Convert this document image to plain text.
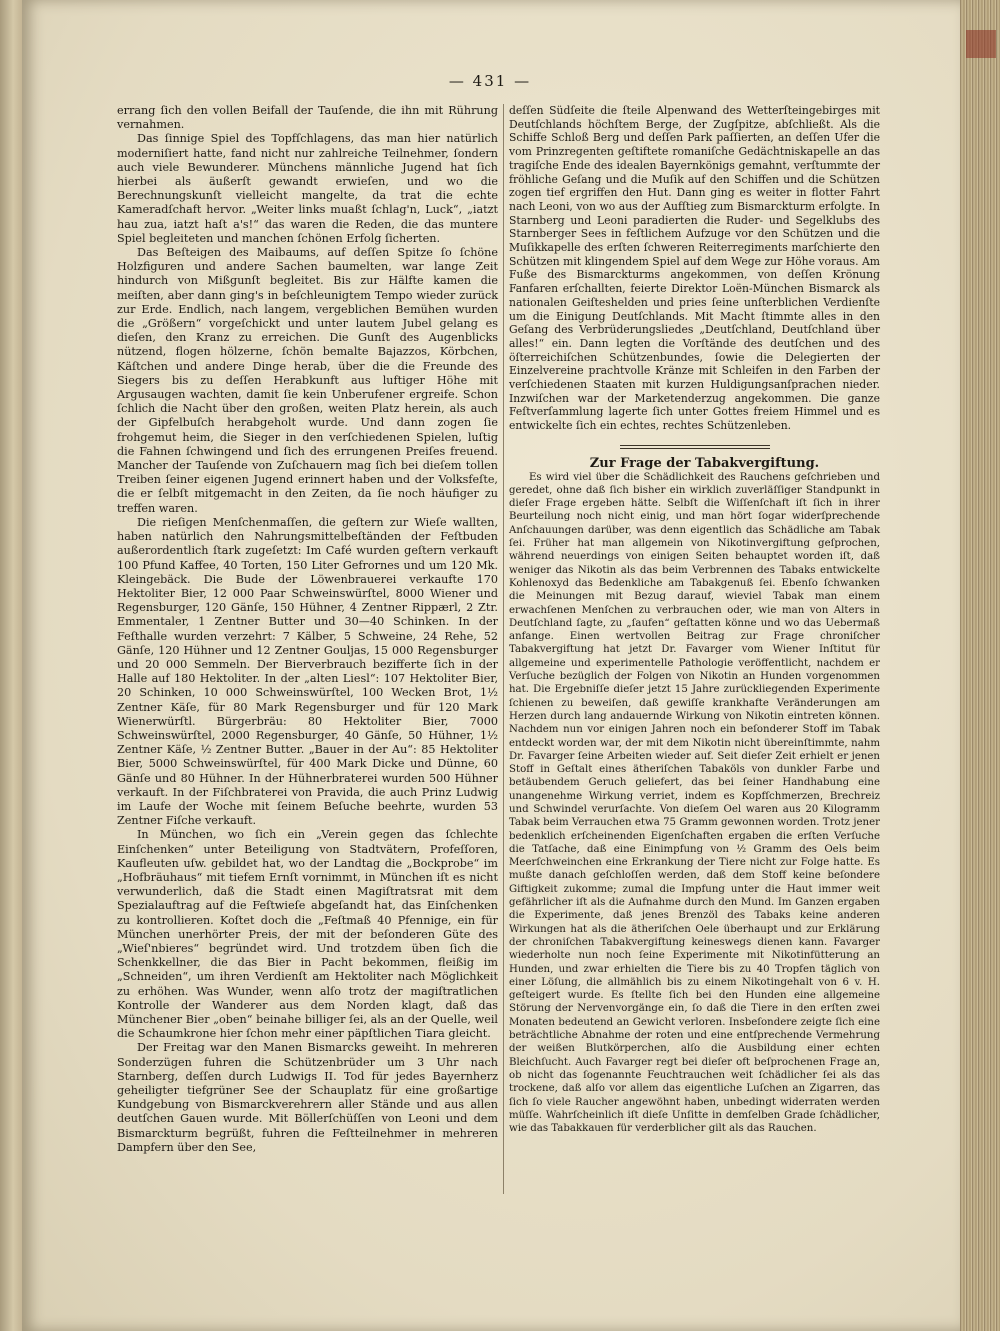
— 431 —

errang ſich den vollen Beifall der Tauſende, die ihn mit Rührung vernahmen.

Das ſinnige Spiel des Topfſchlagens, das man hier natürlich moderniſiert hatte, fand nicht nur zahlreiche Teilnehmer, ſondern auch viele Bewunderer. Münchens männliche Jugend hat ſich hierbei als äußerſt gewandt erwieſen, und wo die Berechnungskunſt vielleicht mangelte, da trat die echte Kameradſchaft hervor. „Weiter links muaßt ſchlag'n, Luck“, „iatzt hau zua, iatzt haſt a's!“ das waren die Reden, die das muntere Spiel begleiteten und manchen ſchönen Erfolg ſicherten.

Das Beſteigen des Maibaums, auf deſſen Spitze ſo ſchöne Holzfiguren und andere Sachen baumelten, war lange Zeit hindurch von Mißgunſt begleitet. Bis zur Hälfte kamen die meiſten, aber dann ging's in beſchleunigtem Tempo wieder zurück zur Erde. Endlich, nach langem, vergeblichen Bemühen wurden die „Größern“ vorgeſchickt und unter lautem Jubel gelang es dieſen, den Kranz zu erreichen. Die Gunſt des Augenblicks nützend, flogen hölzerne, ſchön bemalte Bajazzos, Körbchen, Käſtchen und andere Dinge herab, über die die Freunde des Siegers bis zu deſſen Herabkunft aus luftiger Höhe mit Argusaugen wachten, damit ſie kein Unberufener ergreife. Schon ſchlich die Nacht über den großen, weiten Platz herein, als auch der Gipfelbuſch herabgeholt wurde. Und dann zogen ſie frohgemut heim, die Sieger in den verſchiedenen Spielen, luſtig die Fahnen ſchwingend und ſich des errungenen Preiſes freuend. Mancher der Tauſende von Zuſchauern mag ſich bei dieſem tollen Treiben ſeiner eigenen Jugend erinnert haben und der Volksfeſte, die er ſelbſt mitgemacht in den Zeiten, da ſie noch häufiger zu treffen waren.

Die rieſigen Menſchenmaſſen, die geſtern zur Wieſe wallten, haben natürlich den Nahrungsmittelbeſtänden der Feſtbuden außerordentlich ſtark zugeſetzt: Im Café wurden geſtern verkauft 100 Pfund Kaffee, 40 Torten, 150 Liter Gefrornes und um 120 Mk. Kleingebäck. Die Bude der Löwenbrauerei verkaufte 170 Hektoliter Bier, 12 000 Paar Schweinswürſtel, 8000 Wiener und Regensburger, 120 Gänſe, 150 Hühner, 4 Zentner Rippærl, 2 Ztr. Emmentaler, 1 Zentner Butter und 30—40 Schinken. In der Feſthalle wurden verzehrt: 7 Kälber, 5 Schweine, 24 Rehe, 52 Gänſe, 120 Hühner und 12 Zentner Gouljas, 15 000 Regensburger und 20 000 Semmeln. Der Bierverbrauch bezifferte ſich in der Halle auf 180 Hektoliter. In der „alten Liesl“: 107 Hektoliter Bier, 20 Schinken, 10 000 Schweinswürſtel, 100 Wecken Brot, 1½ Zentner Käſe, für 80 Mark Regensburger und für 120 Mark Wienerwürſtl. Bürgerbräu: 80 Hektoliter Bier, 7000 Schweinswürſtel, 2000 Regensburger, 40 Gänſe, 50 Hühner, 1½ Zentner Käſe, ½ Zentner Butter. „Bauer in der Au“: 85 Hektoliter Bier, 5000 Schweinswürſtel, für 400 Mark Dicke und Dünne, 60 Gänſe und 80 Hühner. In der Hühnerbraterei wurden 500 Hühner verkauft. In der Fiſchbraterei von Pravida, die auch Prinz Ludwig im Laufe der Woche mit ſeinem Beſuche beehrte, wurden 53 Zentner Fiſche verkauft.

In München, wo ſich ein „Verein gegen das ſchlechte Einſchenken“ unter Beteiligung von Stadtvätern, Profeſſoren, Kaufleuten uſw. gebildet hat, wo der Landtag die „Bockprobe“ im „Hofbräuhaus“ mit tiefem Ernſt vornimmt, in München iſt es nicht verwunderlich, daß die Stadt einen Magiſtratsrat mit dem Spezialauftrag auf die Feſtwieſe abgeſandt hat, das Einſchenken zu kontrollieren. Koſtet doch die „Feſtmaß 40 Pfennige, ein für München unerhörter Preis, der mit der beſonderen Güte des „Wieſ'nbieres“ begründet wird. Und trotzdem üben ſich die Schenkkellner, die das Bier in Pacht bekommen, fleißig im „Schneiden“, um ihren Verdienſt am Hektoliter nach Möglichkeit zu erhöhen. Was Wunder, wenn alſo trotz der magiſtratlichen Kontrolle der Wanderer aus dem Norden klagt, daß das Münchener Bier „oben“ beinahe billiger ſei, als an der Quelle, weil die Schaumkrone hier ſchon mehr einer päpſtlichen Tiara gleicht.

Der Freitag war den Manen Bismarcks geweiht. In mehreren Sonderzügen fuhren die Schützenbrüder um 3 Uhr nach Starnberg, deſſen durch Ludwigs II. Tod für jedes Bayernherz geheiligter tiefgrüner See der Schauplatz für eine großartige Kundgebung von Bismarckverehrern aller Stände und aus allen deutſchen Gauen wurde. Mit Böllerſchüſſen von Leoni und dem Bismarckturm begrüßt, fuhren die Feſtteilnehmer in mehreren Dampfern über den See,

deſſen Südſeite die ſteile Alpenwand des Wetterſteingebirges mit Deutſchlands höchſtem Berge, der Zugſpitze, abſchließt. Als die Schiffe Schloß Berg und deſſen Park paſſierten, an deſſen Ufer die vom Prinzregenten geſtiftete romaniſche Gedächtniskapelle an das tragiſche Ende des idealen Bayernkönigs gemahnt, verſtummte der fröhliche Geſang und die Muſik auf den Schiffen und die Schützen zogen tief ergriffen den Hut. Dann ging es weiter in flotter Fahrt nach Leoni, von wo aus der Aufſtieg zum Bismarckturm erfolgte. In Starnberg und Leoni paradierten die Ruder- und Segelklubs des Starnberger Sees in feſtlichem Aufzuge vor den Schützen und die Muſikkapelle des erſten ſchweren Reiterregiments marſchierte den Schützen mit klingendem Spiel auf dem Wege zur Höhe voraus. Am Fuße des Bismarckturms angekommen, von deſſen Krönung Fanfaren erſchallten, feierte Direktor Loën-München Bismarck als nationalen Geiſteshelden und pries ſeine unſterblichen Verdienſte um die Einigung Deutſchlands. Mit Macht ſtimmte alles in den Geſang des Verbrüderungsliedes „Deutſchland, Deutſchland über alles!“ ein. Dann legten die Vorſtände des deutſchen und des öſterreichiſchen Schützenbundes, ſowie die Delegierten der Einzelvereine prachtvolle Kränze mit Schleifen in den Farben der verſchiedenen Staaten mit kurzen Huldigungsanſprachen nieder. Inzwiſchen war der Marketenderzug angekommen. Die ganze Feſtverſammlung lagerte ſich unter Gottes freiem Himmel und es entwickelte ſich ein echtes, rechtes Schützenleben.

Zur Frage der Tabakvergiftung.

Es wird viel über die Schädlichkeit des Rauchens geſchrieben und geredet, ohne daß ſich bisher ein wirklich zuverläſſiger Standpunkt in dieſer Frage ergeben hätte. Selbſt die Wiſſenſchaft iſt ſich in ihrer Beurteilung noch nicht einig, und man hört ſogar widerſprechende Anſchauungen darüber, was denn eigentlich das Schädliche am Tabak ſei. Früher hat man allgemein von Nikotinvergiftung geſprochen, während neuerdings von einigen Seiten behauptet worden iſt, daß weniger das Nikotin als das beim Verbrennen des Tabaks entwickelte Kohlenoxyd das Bedenkliche am Tabakgenuß ſei. Ebenſo ſchwanken die Meinungen mit Bezug darauf, wieviel Tabak man einem erwachſenen Menſchen zu verbrauchen oder, wie man von Alters in Deutſchland ſagte, zu „ſaufen“ geſtatten könne und wo das Uebermaß anfange. Einen wertvollen Beitrag zur Frage chroniſcher Tabakvergiftung hat jetzt Dr. Favarger vom Wiener Inſtitut für allgemeine und experimentelle Pathologie veröffentlicht, nachdem er Verſuche bezüglich der Folgen von Nikotin an Hunden vorgenommen hat. Die Ergebniſſe dieſer jetzt 15 Jahre zurückliegenden Experimente ſchienen zu beweiſen, daß gewiſſe krankhafte Veränderungen am Herzen durch lang andauernde Wirkung von Nikotin eintreten können. Nachdem nun vor einigen Jahren noch ein beſonderer Stoff im Tabak entdeckt worden war, der mit dem Nikotin nicht übereinſtimmte, nahm Dr. Favarger ſeine Arbeiten wieder auf. Seit dieſer Zeit erhielt er jenen Stoff in Geſtalt eines ätheriſchen Tabaköls von dunkler Farbe und betäubendem Geruch geliefert, das bei ſeiner Handhabung eine unangenehme Wirkung verriet, indem es Kopfſchmerzen, Brechreiz und Schwindel verurſachte. Von dieſem Oel waren aus 20 Kilogramm Tabak beim Verrauchen etwa 75 Gramm gewonnen worden. Trotz jener bedenklich erſcheinenden Eigenſchaften ergaben die erſten Verſuche die Tatſache, daß eine Einimpfung von ½ Gramm des Oels beim Meerſchweinchen eine Erkrankung der Tiere nicht zur Folge hatte. Es mußte danach geſchloſſen werden, daß dem Stoff keine beſondere Giftigkeit zukomme; zumal die Impfung unter die Haut immer weit gefährlicher iſt als die Aufnahme durch den Mund. Im Ganzen ergaben die Experimente, daß jenes Brenzöl des Tabaks keine anderen Wirkungen hat als die ätheriſchen Oele überhaupt und zur Erklärung der chroniſchen Tabakvergiftung keineswegs dienen kann. Favarger wiederholte nun noch ſeine Experimente mit Nikotinfütterung an Hunden, und zwar erhielten die Tiere bis zu 40 Tropfen täglich von einer Löſung, die allmählich bis zu einem Nikotingehalt von 6 v. H. geſteigert wurde. Es ſtellte ſich bei den Hunden eine allgemeine Störung der Nervenvorgänge ein, ſo daß die Tiere in den erſten zwei Monaten bedeutend an Gewicht verloren. Insbeſondere zeigte ſich eine beträchtliche Abnahme der roten und eine entſprechende Vermehrung der weißen Blutkörperchen, alſo die Ausbildung einer echten Bleichſucht. Auch Favarger regt bei dieſer oft beſprochenen Frage an, ob nicht das ſogenannte Feuchtrauchen weit ſchädlicher ſei als das trockene, daß alſo vor allem das eigentliche Luſchen an Zigarren, das ſich ſo viele Raucher angewöhnt haben, unbedingt widerraten werden müſſe. Wahrſcheinlich iſt dieſe Unſitte in demſelben Grade ſchädlicher, wie das Tabakkauen für verderblicher gilt als das Rauchen.
